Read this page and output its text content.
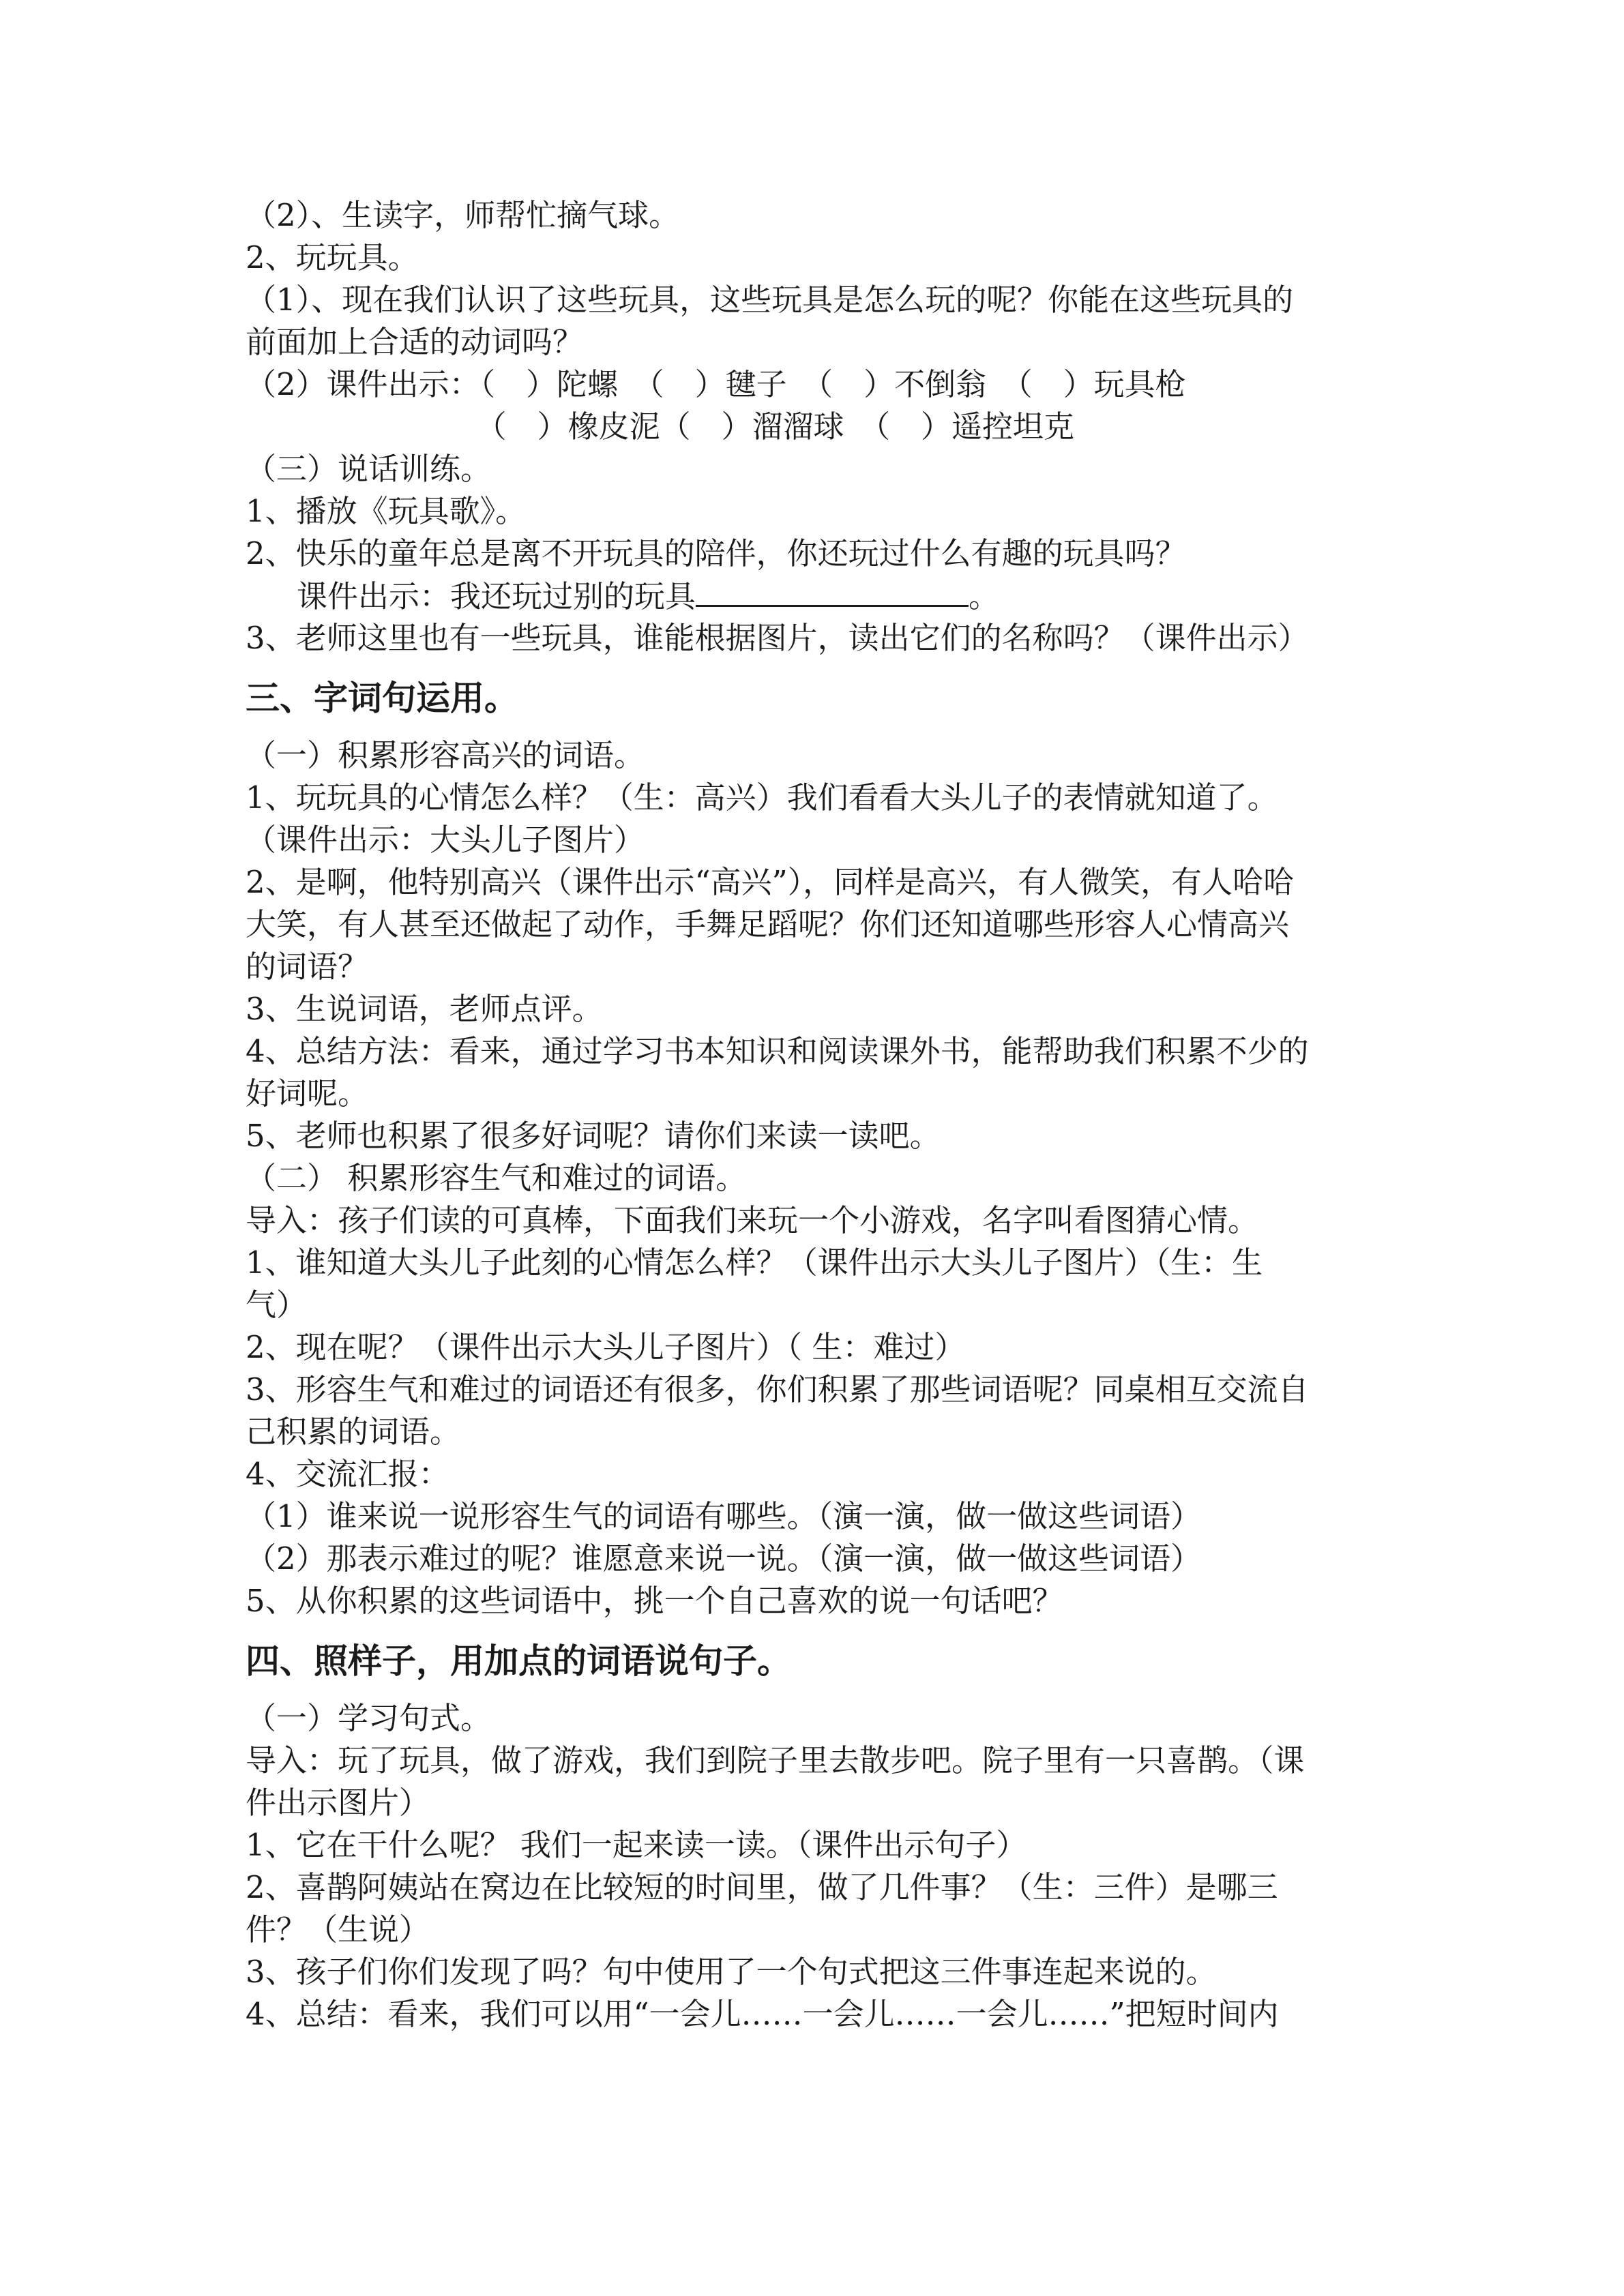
（2）、生读字，师帮忙摘气球。
2、玩玩具。
（1）、现在我们认识了这些玩具，这些玩具是怎么玩的呢？你能在这些玩具的
前面加上合适的动词吗？
（2）课件出示：（　）陀螺　（　）毽子　（　）不倒翁　（　）玩具枪
　　　　　　　　（　）橡皮泥（　）溜溜球　（　）遥控坦克
（三）说话训练。
1、播放《玩具歌》。
2、快乐的童年总是离不开玩具的陪伴，你还玩过什么有趣的玩具吗？
课件出示：我还玩过别的玩具	。
3、老师这里也有一些玩具，谁能根据图片，读出它们的名称吗？（课件出示）
三、字词句运用。
（一）积累形容高兴的词语。
1、玩玩具的心情怎么样？（生：高兴）我们看看大头儿子的表情就知道了。
（课件出示：大头儿子图片）
2、是啊，他特别高兴（课件出示“高兴”），同样是高兴，有人微笑，有人哈哈
大笑，有人甚至还做起了动作，手舞足蹈呢？你们还知道哪些形容人心情高兴
的词语？
3、生说词语，老师点评。
4、总结方法：看来，通过学习书本知识和阅读课外书，能帮助我们积累不少的
好词呢。
5、老师也积累了很多好词呢？请你们来读一读吧。
（二） 积累形容生气和难过的词语。
导入：孩子们读的可真棒，下面我们来玩一个小游戏，名字叫看图猜心情。
1、谁知道大头儿子此刻的心情怎么样？（课件出示大头儿子图片）（生：生
气）
2、现在呢？（课件出示大头儿子图片）（ 生：难过）
3、形容生气和难过的词语还有很多，你们积累了那些词语呢？同桌相互交流自
己积累的词语。
4、交流汇报：
（1）谁来说一说形容生气的词语有哪些。（演一演，做一做这些词语）
（2）那表示难过的呢？谁愿意来说一说。（演一演，做一做这些词语）
5、从你积累的这些词语中，挑一个自己喜欢的说一句话吧？
四、照样子，用加点的词语说句子。
（一）学习句式。
导入：玩了玩具，做了游戏，我们到院子里去散步吧。院子里有一只喜鹊。（课
件出示图片）
1、它在干什么呢？ 我们一起来读一读。（课件出示句子）
2、喜鹊阿姨站在窝边在比较短的时间里，做了几件事？（生：三件）是哪三
件？（生说）
3、孩子们你们发现了吗？句中使用了一个句式把这三件事连起来说的。
4、总结：看来，我们可以用“一会儿……一会儿……一会儿……”把短时间内
